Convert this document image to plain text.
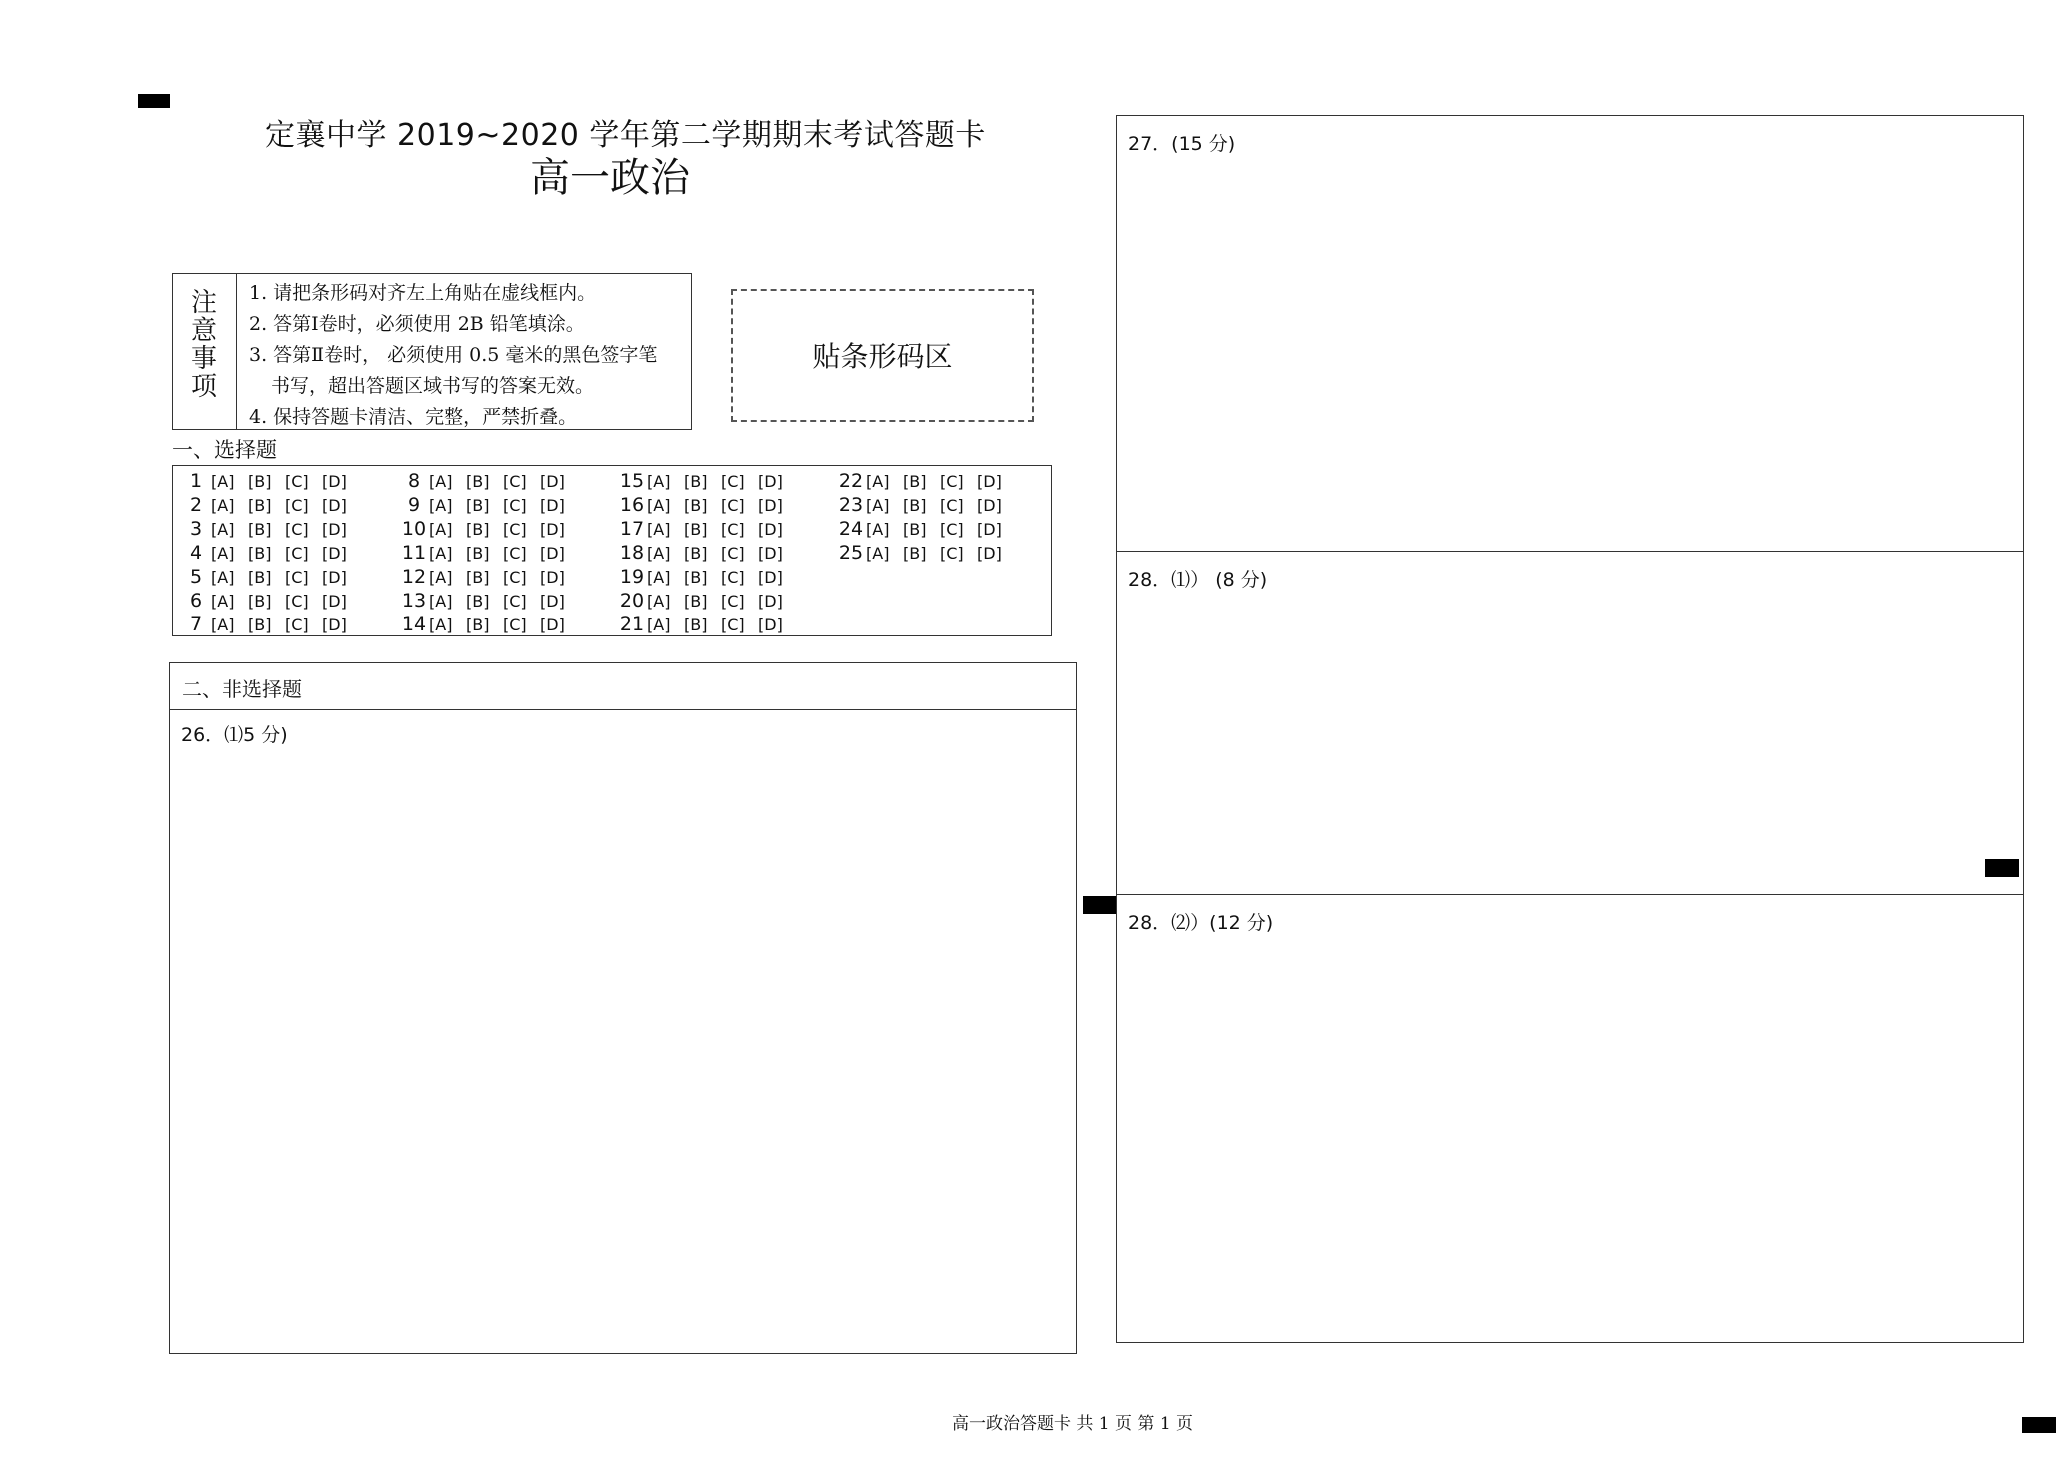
定襄中学 2019~2020 学年第二学期期末考试答题卡
高一政治
注
意
事
项
1. 请把条形码对齐左上角贴在虚线框内。
2. 答第Ⅰ卷时，必须使用 2B 铅笔填涂。
3. 答第Ⅱ卷时， 必须使用 0.5 毫米的黑色签字笔
书写，超出答题区域书写的答案无效。
4. 保持答题卡清洁、完整，严禁折叠。
贴条形码区
一、选择题
1 [A] [B] [C] [D]
2 [A] [B] [C] [D]
3 [A] [B] [C] [D]
4 [A] [B] [C] [D]
5 [A] [B] [C] [D]
6 [A] [B] [C] [D]
7 [A] [B] [C] [D]
8 [A] [B] [C] [D]
9 [A] [B] [C] [D]
10 [A] [B] [C] [D]
11 [A] [B] [C] [D]
12 [A] [B] [C] [D]
13 [A] [B] [C] [D]
14 [A] [B] [C] [D]
15 [A] [B] [C] [D]
16 [A] [B] [C] [D]
17 [A] [B] [C] [D]
18 [A] [B] [C] [D]
19 [A] [B] [C] [D]
20 [A] [B] [C] [D]
21 [A] [B] [C] [D]
22 [A] [B] [C] [D]
23 [A] [B] [C] [D]
24 [A] [B] [C] [D]
25 [A] [B] [C] [D]
二、非选择题
26．⑴5 分)
27．(15 分)
28．⑴） (8 分)
28．⑵）(12 分)
高一政治答题卡 共 1 页 第 1 页
